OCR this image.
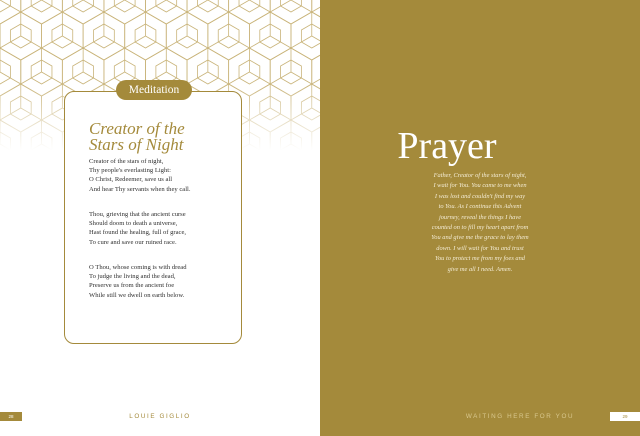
Meditation
Creator of the
Stars of Night
Creator of the stars of night,
Thy people's everlasting Light:
O Christ, Redeemer, save us all
And hear Thy servants when they call.
Thou, grieving that the ancient curse
Should doom to death a universe,
Hast found the healing, full of grace,
To cure and save our ruined race.
O Thou, whose coming is with dread
To judge the living and the dead,
Preserve us from the ancient foe
While still we dwell on earth below.
28	LOUIE GIGLIO
Prayer
Father, Creator of the stars of night,
I wait for You. You came to me when
I was lost and couldn't find my way
to You. As I continue this Advent
journey, reveal the things I have
counted on to fill my heart apart from
You and give me the grace to lay them
down. I will wait for You and trust
You to protect me from my foes and
give me all I need. Amen.
WAITING HERE FOR YOU	29
